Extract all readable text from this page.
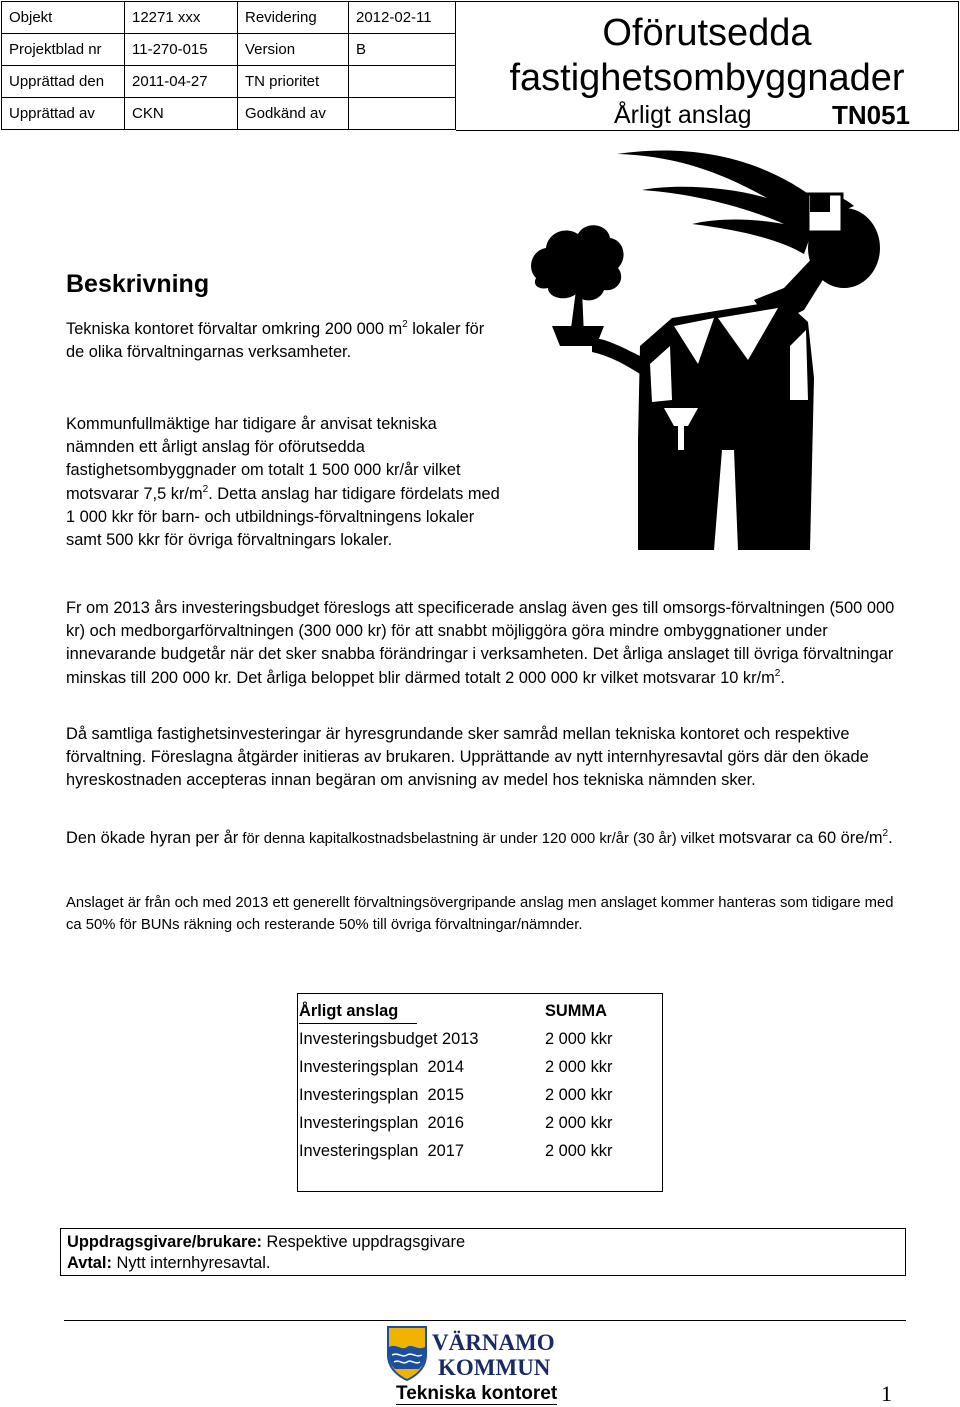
Objekt	12271 xxx	Revidering	2012-02-11
Projektblad nr	11-270-015	Version	B
Upprättad den	2011-04-27	TN prioritet	
Upprättad av	CKN	Godkänd av	
Oförutsedda
fastighetsombyggnader
Årligt anslag	TN051
Beskrivning

Tekniska kontoret förvaltar omkring 200 000 $m^2$ lokaler för de olika förvaltningarnas verksamheter.

Kommunfullmäktige har tidigare år anvisat tekniska nämnden ett årligt anslag för oförutsedda fastighetsombyggnader om totalt 1 500 000 kr/år vilket motsvarar 7,5 $kr/m^2$. Detta anslag har tidigare fördelats med 1 000 kkr för barn- och utbildnings-förvaltningens lokaler samt 500 kkr för övriga förvaltningars lokaler.

Fr om 2013 års investeringsbudget föreslogs att specificerade anslag även ges till omsorgs-förvaltningen (500 000 kr) och medborgarförvaltningen (300 000 kr) för att snabbt möjliggöra göra mindre ombyggnationer under innevarande budgetår när det sker snabba förändringar i verksamheten. Det årliga anslaget till övriga förvaltningar minskas till 200 000 kr. Det årliga beloppet blir därmed totalt 2 000 000 kr vilket motsvarar 10 $kr/m^2$.

Då samtliga fastighetsinvesteringar är hyresgrundande sker samråd mellan tekniska kontoret och respektive förvaltning. Föreslagna åtgärder initieras av brukaren. Upprättande av nytt internhyresavtal görs där den ökade hyreskostnaden accepteras innan begäran om anvisning av medel hos tekniska nämnden sker.

Den ökade hyran per år för denna kapitalkostnadsbelastning är under 120 000 kr/år (30 år) vilket motsvarar ca 60 öre/$m^2$.

Anslaget är från och med 2013 ett generellt förvaltningsövergripande anslag men anslaget kommer hanteras som tidigare med ca 50% för BUNs räkning och resterande 50% till övriga förvaltningar/nämnder.

Årligt anslag	SUMMA
Investeringsbudget 2013	2 000 kkr
Investeringsplan  2014	2 000 kkr
Investeringsplan  2015	2 000 kkr
Investeringsplan  2016	2 000 kkr
Investeringsplan  2017	2 000 kkr
Uppdragsgivare/brukare: Respektive uppdragsgivare
Avtal: Nytt internhyresavtal.
VÄRNAMO
KOMMUN
Tekniska kontoret	1
